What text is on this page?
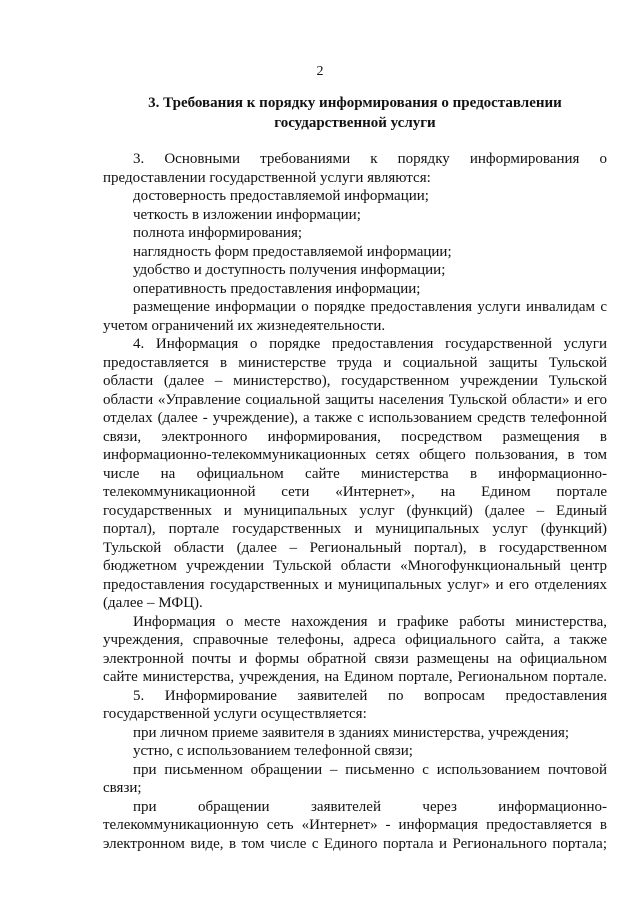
2
3. Требования к порядку информирования о предоставлении
государственной услуги
3. Основными требованиями к порядку информирования о
предоставлении государственной услуги являются:
достоверность предоставляемой информации;
четкость в изложении информации;
полнота информирования;
наглядность форм предоставляемой информации;
удобство и доступность получения информации;
оперативность предоставления информации;
размещение информации о порядке предоставления услуги инвалидам с
учетом ограничений их жизнедеятельности.
4. Информация о порядке предоставления государственной услуги
предоставляется в министерстве труда и социальной защиты Тульской
области (далее – министерство), государственном учреждении Тульской
области «Управление социальной защиты населения Тульской области» и его
отделах (далее - учреждение), а также с использованием средств телефонной
связи, электронного информирования, посредством размещения в
информационно-телекоммуникационных сетях общего пользования, в том
числе на официальном сайте министерства в информационно-
телекоммуникационной сети «Интернет», на Едином портале
государственных и муниципальных услуг (функций) (далее – Единый
портал), портале государственных и муниципальных услуг (функций)
Тульской области (далее – Региональный портал), в государственном
бюджетном учреждении Тульской области «Многофункциональный центр
предоставления государственных и муниципальных услуг» и его отделениях
(далее – МФЦ).
Информация о месте нахождения и графике работы министерства,
учреждения, справочные телефоны, адреса официального сайта, а также
электронной почты и формы обратной связи размещены на официальном
сайте министерства, учреждения, на Едином портале, Региональном портале.
5. Информирование заявителей по вопросам предоставления
государственной услуги осуществляется:
при личном приеме заявителя в зданиях министерства, учреждения;
устно, с использованием телефонной связи;
при письменном обращении – письменно с использованием почтовой
связи;
при обращении заявителей через информационно-
телекоммуникационную сеть «Интернет» - информация предоставляется в
электронном виде, в том числе с Единого портала и Регионального портала;
